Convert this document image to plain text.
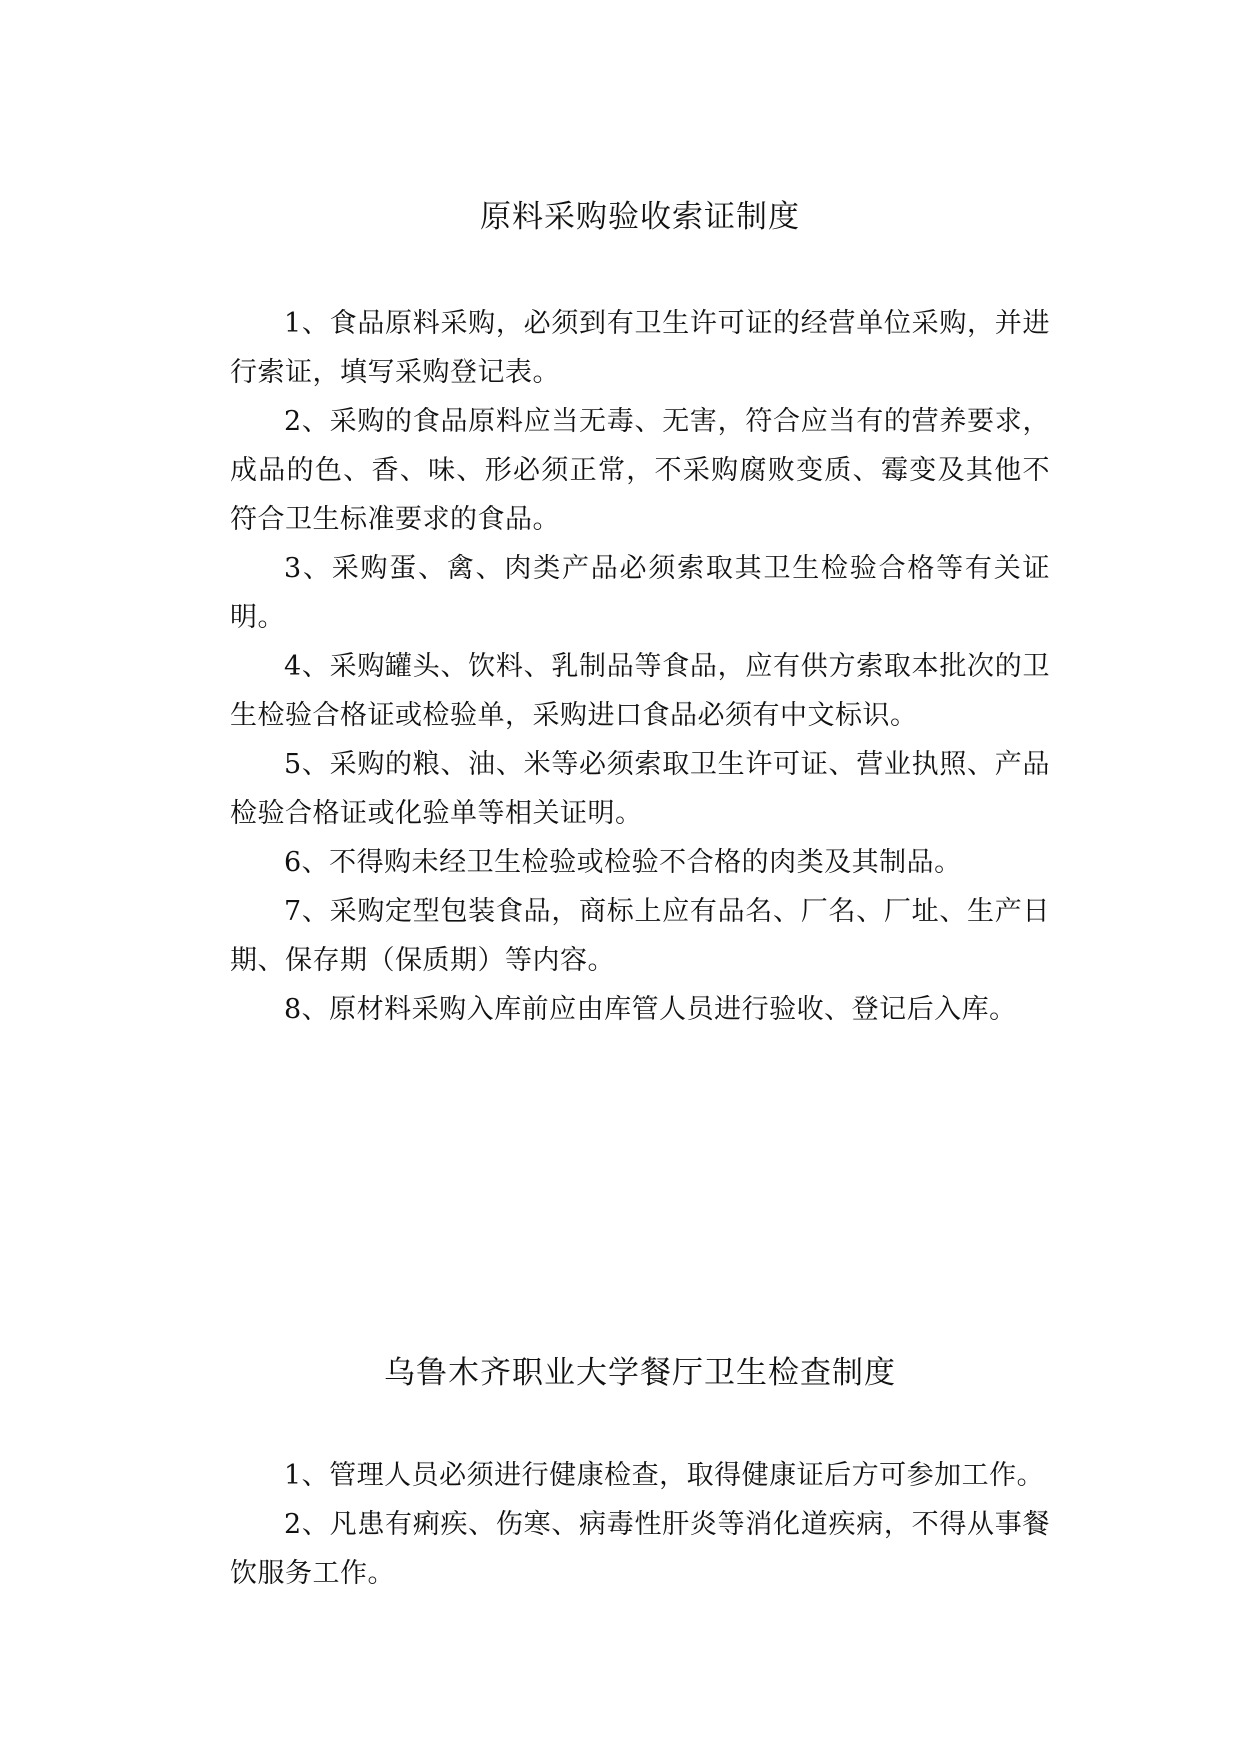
原料采购验收索证制度

1、食品原料采购，必须到有卫生许可证的经营单位采购，并进行索证，填写采购登记表。

2、采购的食品原料应当无毒、无害，符合应当有的营养要求，成品的色、香、味、形必须正常，不采购腐败变质、霉变及其他不符合卫生标准要求的食品。

3、采购蛋、禽、肉类产品必须索取其卫生检验合格等有关证明。

4、采购罐头、饮料、乳制品等食品，应有供方索取本批次的卫生检验合格证或检验单，采购进口食品必须有中文标识。

5、采购的粮、油、米等必须索取卫生许可证、营业执照、产品检验合格证或化验单等相关证明。

6、不得购未经卫生检验或检验不合格的肉类及其制品。

7、采购定型包装食品，商标上应有品名、厂名、厂址、生产日期、保存期（保质期）等内容。

8、原材料采购入库前应由库管人员进行验收、登记后入库。

乌鲁木齐职业大学餐厅卫生检查制度

1、管理人员必须进行健康检查，取得健康证后方可参加工作。

2、凡患有痢疾、伤寒、病毒性肝炎等消化道疾病，不得从事餐饮服务工作。
